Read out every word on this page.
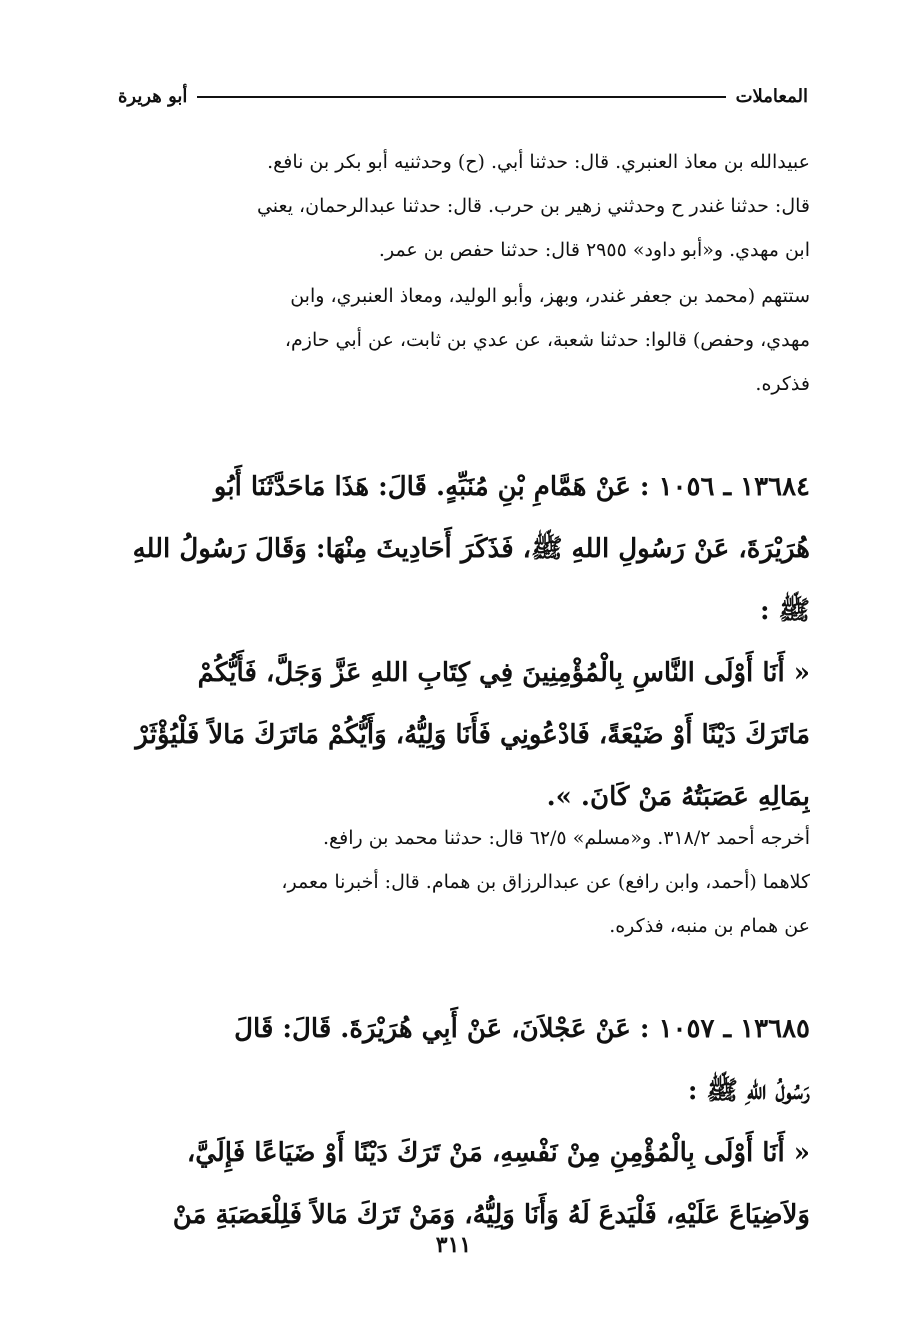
المعاملات
أبو هريرة
عبيدالله بن معاذ العنبري. قال: حدثنا أبي. (ح) وحدثنيه أبو بكر بن نافع.
قال: حدثنا غندر ح وحدثني زهير بن حرب. قال: حدثنا عبدالرحمان، يعني
ابن مهدي. و«أبو داود» ٢٩٥٥ قال: حدثنا حفص بن عمر.
ستتهم (محمد بن جعفر غندر، وبهز، وأبو الوليد، ومعاذ العنبري، وابن
مهدي، وحفص) قالوا: حدثنا شعبة، عن عدي بن ثابت، عن أبي حازم،
فذكره.
١٣٦٨٤ ـ ١٠٥٦ : عَنْ هَمَّامِ بْنِ مُنَبِّهٍ. قَالَ: هَذَا مَاحَدَّثَنَا أَبُو
هُرَيْرَةَ، عَنْ رَسُولِ اللهِ ﷺ، فَذَكَرَ أَحَادِيثَ مِنْهَا: وَقَالَ رَسُولُ اللهِ
ﷺ :
« أَنَا أَوْلَى النَّاسِ بِالْمُؤْمِنِينَ فِي كِتَابِ اللهِ عَزَّ وَجَلَّ، فَأَيُّكُمْ
مَاتَرَكَ دَيْنًا أَوْ ضَيْعَةً، فَادْعُونِي فَأَنَا وَلِيُّهُ، وَأَيُّكُمْ مَاتَرَكَ مَالاً فَلْيُؤْثَرْ
بِمَالِهِ عَصَبَتُهُ مَنْ كَانَ. ».
أخرجه أحمد ٣١٨/٢. و«مسلم» ٦٢/٥ قال: حدثنا محمد بن رافع.
كلاهما (أحمد، وابن رافع) عن عبدالرزاق بن همام. قال: أخبرنا معمر،
عن همام بن منبه، فذكره.
١٣٦٨٥ ـ ١٠٥٧ : عَنْ عَجْلاَنَ، عَنْ أَبِي هُرَيْرَةَ. قَالَ: قَالَ
رَسُولُ اللهِ ﷺ :
« أَنَا أَوْلَى بِالْمُؤْمِنِ مِنْ نَفْسِهِ، مَنْ تَرَكَ دَيْنًا أَوْ ضَيَاعًا فَإِلَيَّ،
وَلاَضِيَاعَ عَلَيْهِ، فَلْيَدعَ لَهُ وَأَنَا وَلِيُّهُ، وَمَنْ تَرَكَ مَالاً فَلِلْعَصَبَةِ مَنْ
٣١١
